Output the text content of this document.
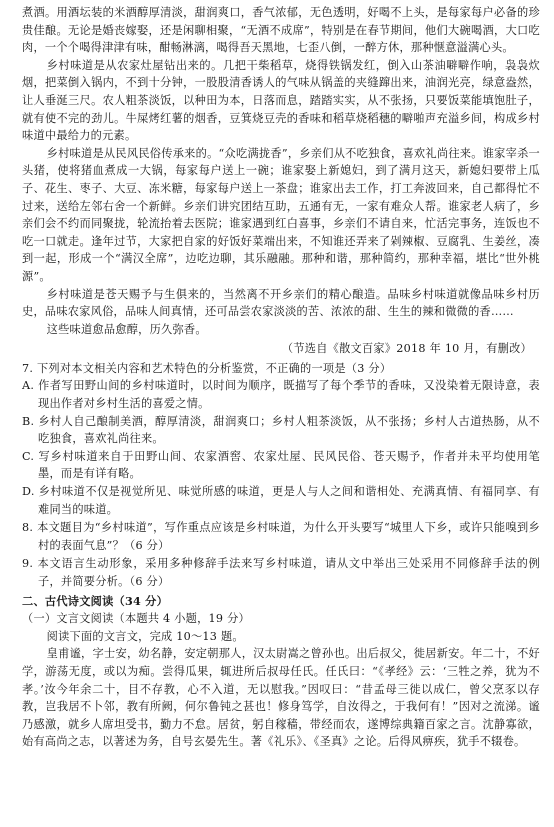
煮酒。用酒坛装的米酒醇厚清淡，甜润爽口，香气浓郁，无色透明，好喝不上头，是每家每户必备的珍贵佳酿。无论是婚丧嫁娶，还是闲聊相聚，“无酒不成席”，特别是在春节期间，他们大碗喝酒，大口吃肉，一个个喝得津津有味，酣畅淋漓，喝得吾天黑地，七歪八倒，一醉方休，那种惬意溢满心头。

乡村味道是从农家灶屋钻出来的。几把干柴稻草，烧得铁锅发红，倒入山茶油噼噼作响，袅袅炊烟，把菜倒入锅内，不到十分钟，一股股清香诱人的气味从锅盖的夹缝蹿出来，油润光亮，绿意盎然，让人垂涎三尺。农人粗茶淡饭，以种田为本，日落而息，踏踏实实，从不张扬，只要饭菜能填饱肚子，就有使不完的劲儿。牛屎烤红薯的烟香，豆箕烧豆壳的香味和稻草烧稻穗的噼啪声充溢乡间，构成乡村味道中最给力的元素。

乡村味道是从民风民俗传承来的。“众吃满拢香”，乡亲们从不吃独食，喜欢礼尚往来。谁家宰杀一头猪，使将猪血煮成一大锅，每家每户送上一碗；谁家娶上新媳妇，到了满月这天，新媳妇要带上瓜子、花生、枣子、大豆、冻米糖，每家每户送上一茶盘；谁家出去工作，打工奔波回来，自己都得忙不过来，送给左邻右舍一个新鲜。乡亲们讲究团结互助，五通有无，一家有难众人帮。谁家老人病了，乡亲们会不约而同聚拢，轮流抬着去医院；谁家遇到红白喜事，乡亲们不请自来，忙活完事务，连饭也不吃一口就走。逢年过节，大家把自家的好饭好菜端出来，不知谁还弄来了剁辣椒、豆腐乳、生姜丝，凑到一起，形成一个“满汉全席”，边吃边聊，其乐融融。那种和谐，那种简约，那种幸福，堪比“世外桃源”。

乡村味道是苍天赐予与生俱来的，当然离不开乡亲们的精心酿造。品味乡村味道就像品味乡村历史，品味农家风俗，品味人间真情，还可品尝农家淡淡的苦、浓浓的甜、生生的辣和微微的香……

这些味道愈品愈醇，历久弥香。

（节选自《散文百家》2018 年 10 月，有删改）

7. 下列对本文相关内容和艺术特色的分析鉴赏，不正确的一项是（3 分）

A. 作者写田野山间的乡村味道时，以时间为顺序，既描写了每个季节的香味，又没染着无限诗意，表现出作者对乡村生活的喜爱之情。

B. 乡村人自己酿制美酒，醇厚清淡，甜润爽口；乡村人粗茶淡饭，从不张扬；乡村人古道热肠，从不吃独食，喜欢礼尚往来。

C. 写乡村味道来自于田野山间、农家酒窖、农家灶屋、民风民俗、苍天赐予，作者并未平均使用笔墨，而是有详有略。

D. 乡村味道不仅是视觉所见、味觉所感的味道，更是人与人之间和谐相处、充满真情、有福同享、有难同当的味道。

8. 本文题目为“乡村味道”，写作重点应该是乡村味道，为什么开头要写“城里人下乡，或许只能嗅到乡村的表面气息”？（6 分）

9. 本文语言生动形象，采用多种修辞手法来写乡村味道，请从文中举出三处采用不同修辞手法的例子，并简要分析。（6 分）

二、古代诗文阅读（34 分）

（一）文言文阅读（本题共 4 小题，19 分）

阅读下面的文言文，完成 10～13 题。

皇甫谧，字士安，幼名静，安定朝那人，汉太尉嵩之曾孙也。出后叔父，徙居新安。年二十，不好学，游荡无度，或以为痴。尝得瓜果，辄进所后叔母任氏。任氏曰：“《孝经》云：‘三牲之养，犹为不孝。’汝今年余二十，目不存教，心不入道，无以慰我。”因叹曰：“昔孟母三徙以成仁，曾父烹豕以存教，岂我居不卜邻，教有所阙，何尔鲁钝之甚也！修身笃学，自汝得之，于我何有！”因对之流涕。谧乃感激，就乡人席坦受书，勤力不怠。居贫，躬自稼穑，带经而农，遂博综典籍百家之言。沈静寡欲，始有高尚之志，以著述为务，自号玄晏先生。著《礼乐》、《圣真》之论。后得风痹疾，犹手不辍卷。
